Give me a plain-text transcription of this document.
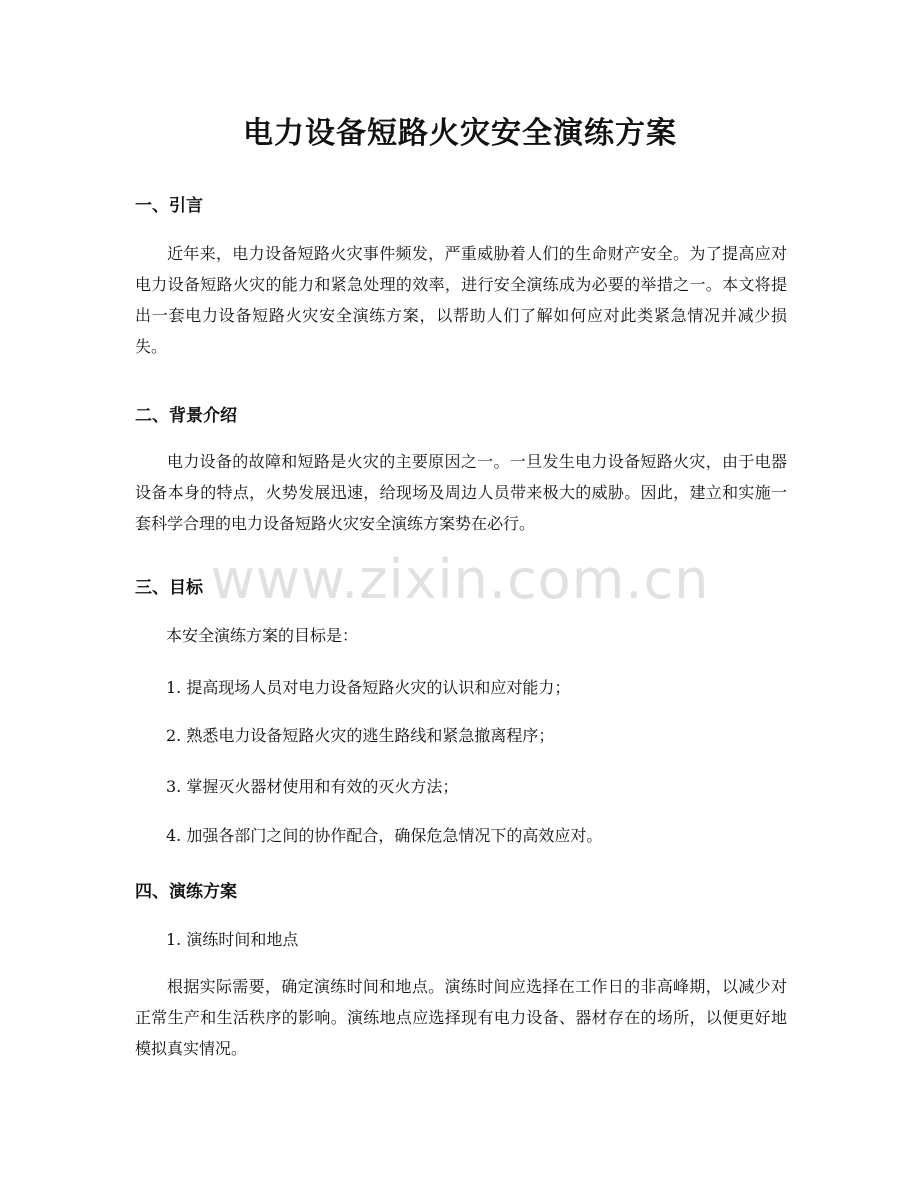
电力设备短路火灾安全演练方案
一、引言

近年来，电力设备短路火灾事件频发，严重威胁着人们的生命财产安全。为了提高应对电力设备短路火灾的能力和紧急处理的效率，进行安全演练成为必要的举措之一。本文将提出一套电力设备短路火灾安全演练方案，以帮助人们了解如何应对此类紧急情况并减少损失。

二、背景介绍

电力设备的故障和短路是火灾的主要原因之一。一旦发生电力设备短路火灾，由于电器设备本身的特点，火势发展迅速，给现场及周边人员带来极大的威胁。因此，建立和实施一套科学合理的电力设备短路火灾安全演练方案势在必行。

三、目标

本安全演练方案的目标是：

1. 提高现场人员对电力设备短路火灾的认识和应对能力；

2. 熟悉电力设备短路火灾的逃生路线和紧急撤离程序；

3. 掌握灭火器材使用和有效的灭火方法；

4. 加强各部门之间的协作配合，确保危急情况下的高效应对。

四、演练方案

1. 演练时间和地点

根据实际需要，确定演练时间和地点。演练时间应选择在工作日的非高峰期，以减少对正常生产和生活秩序的影响。演练地点应选择现有电力设备、器材存在的场所，以便更好地模拟真实情况。

www.zixin.com.cn
